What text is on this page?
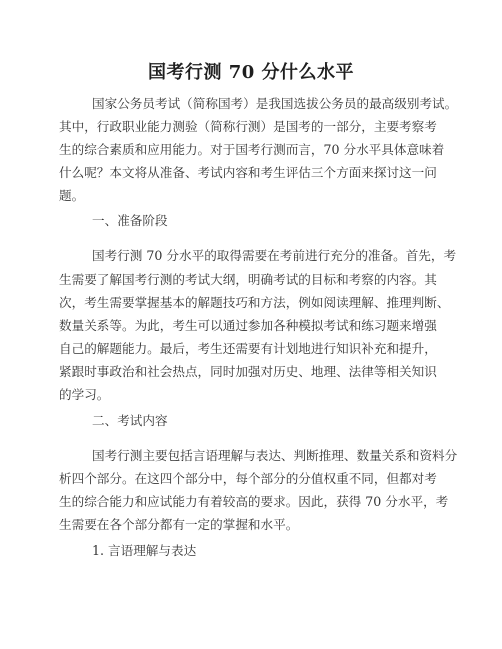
国考行测 70 分什么水平
国家公务员考试（简称国考）是我国选拔公务员的最高级别考试。
其中，行政职业能力测验（简称行测）是国考的一部分，主要考察考
生的综合素质和应用能力。对于国考行测而言，70 分水平具体意味着
什么呢？本文将从准备、考试内容和考生评估三个方面来探讨这一问
题。
一、准备阶段
国考行测 70 分水平的取得需要在考前进行充分的准备。首先，考
生需要了解国考行测的考试大纲，明确考试的目标和考察的内容。其
次，考生需要掌握基本的解题技巧和方法，例如阅读理解、推理判断、
数量关系等。为此，考生可以通过参加各种模拟考试和练习题来增强
自己的解题能力。最后，考生还需要有计划地进行知识补充和提升，
紧跟时事政治和社会热点，同时加强对历史、地理、法律等相关知识
的学习。
二、考试内容
国考行测主要包括言语理解与表达、判断推理、数量关系和资料分
析四个部分。在这四个部分中，每个部分的分值权重不同，但都对考
生的综合能力和应试能力有着较高的要求。因此，获得 70 分水平，考
生需要在各个部分都有一定的掌握和水平。
1. 言语理解与表达
